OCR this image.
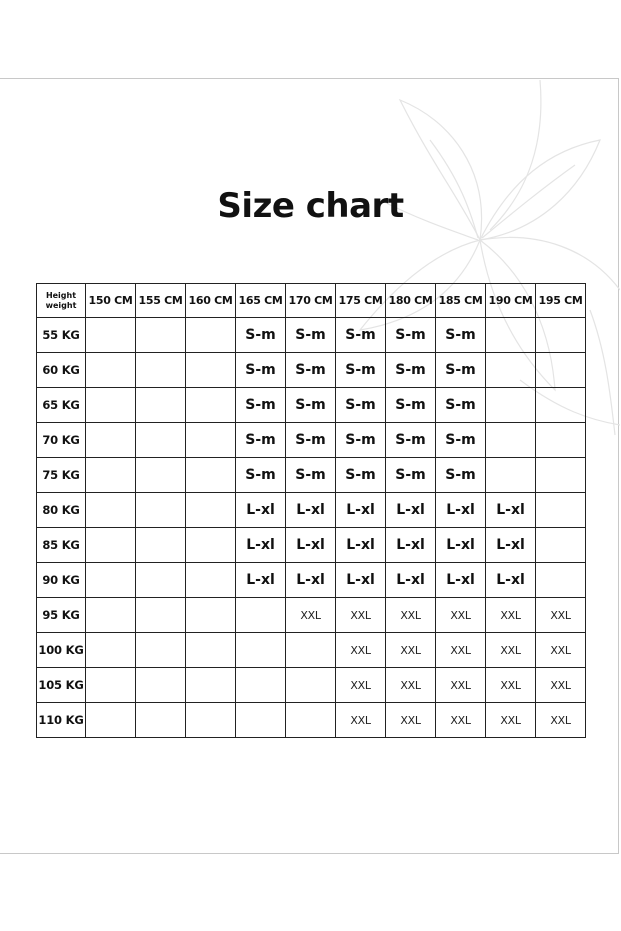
Size chart
Height
weight	150 CM	155 CM	160 CM	165 CM	170 CM	175 CM	180 CM	185 CM	190 CM	195 CM
55 KG				S-m	S-m	S-m	S-m	S-m		
60 KG				S-m	S-m	S-m	S-m	S-m		
65 KG				S-m	S-m	S-m	S-m	S-m		
70 KG				S-m	S-m	S-m	S-m	S-m		
75 KG				S-m	S-m	S-m	S-m	S-m		
80 KG				L-xl	L-xl	L-xl	L-xl	L-xl	L-xl	
85 KG				L-xl	L-xl	L-xl	L-xl	L-xl	L-xl	
90 KG				L-xl	L-xl	L-xl	L-xl	L-xl	L-xl	
95 KG					XXL	XXL	XXL	XXL	XXL	XXL
100 KG						XXL	XXL	XXL	XXL	XXL
105 KG						XXL	XXL	XXL	XXL	XXL
110 KG						XXL	XXL	XXL	XXL	XXL
